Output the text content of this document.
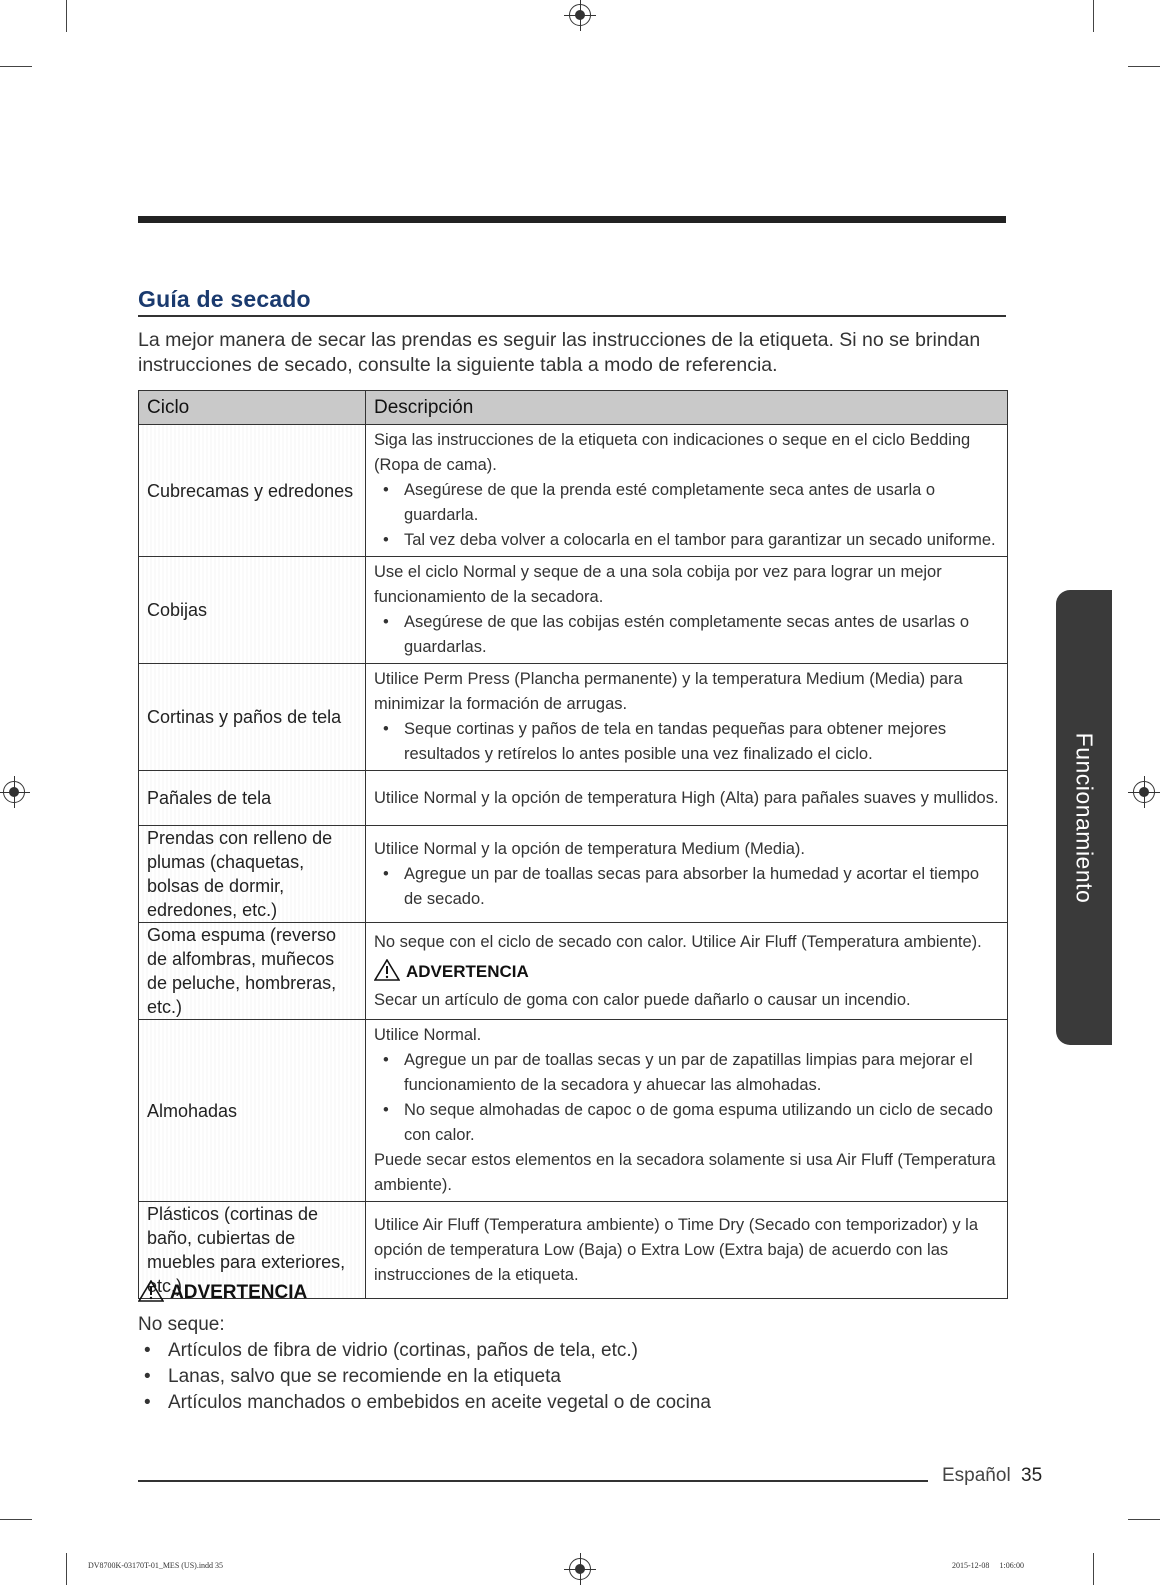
Guía de secado

La mejor manera de secar las prendas es seguir las instrucciones de la etiqueta. Si no se brindan instrucciones de secado, consulte la siguiente tabla a modo de referencia.

Ciclo	Descripción
Cubrecamas y edredones	Siga las instrucciones de la etiqueta con indicaciones o seque en el ciclo Bedding (Ropa de cama).
• Asegúrese de que la prenda esté completamente seca antes de usarla o guardarla.
• Tal vez deba volver a colocarla en el tambor para garantizar un secado uniforme.

Cobijas	Use el ciclo Normal y seque de a una sola cobija por vez para lograr un mejor funcionamiento de la secadora.
• Asegúrese de que las cobijas estén completamente secas antes de usarlas o guardarlas.

Cortinas y paños de tela	Utilice Perm Press (Plancha permanente) y la temperatura Medium (Media) para minimizar la formación de arrugas.
• Seque cortinas y paños de tela en tandas pequeñas para obtener mejores resultados y retírelos lo antes posible una vez finalizado el ciclo.

Pañales de tela	Utilice Normal y la opción de temperatura High (Alta) para pañales suaves y mullidos.

Prendas con relleno de plumas (chaquetas, bolsas de dormir, edredones, etc.)	Utilice Normal y la opción de temperatura Medium (Media).
• Agregue un par de toallas secas para absorber la humedad y acortar el tiempo de secado.

Goma espuma (reverso de alfombras, muñecos de peluche, hombreras, etc.)	No seque con el ciclo de secado con calor. Utilice Air Fluff (Temperatura ambiente).
ADVERTENCIA
Secar un artículo de goma con calor puede dañarlo o causar un incendio.

Almohadas	Utilice Normal.
• Agregue un par de toallas secas y un par de zapatillas limpias para mejorar el funcionamiento de la secadora y ahuecar las almohadas.
• No seque almohadas de capoc o de goma espuma utilizando un ciclo de secado con calor.
Puede secar estos elementos en la secadora solamente si usa Air Fluff (Temperatura ambiente).

Plásticos (cortinas de baño, cubiertas de muebles para exteriores, etc.)	Utilice Air Fluff (Temperatura ambiente) o Time Dry (Secado con temporizador) y la opción de temperatura Low (Baja) o Extra Low (Extra baja) de acuerdo con las instrucciones de la etiqueta.
ADVERTENCIA
No seque:
• Artículos de fibra de vidrio (cortinas, paños de tela, etc.)
• Lanas, salvo que se recomiende en la etiqueta
• Artículos manchados o embebidos en aceite vegetal o de cocina
Funcionamiento
Español 35
DV8700K-03170T-01_MES (US).indd 35	2015-12-08 ￿ 1:06:00
